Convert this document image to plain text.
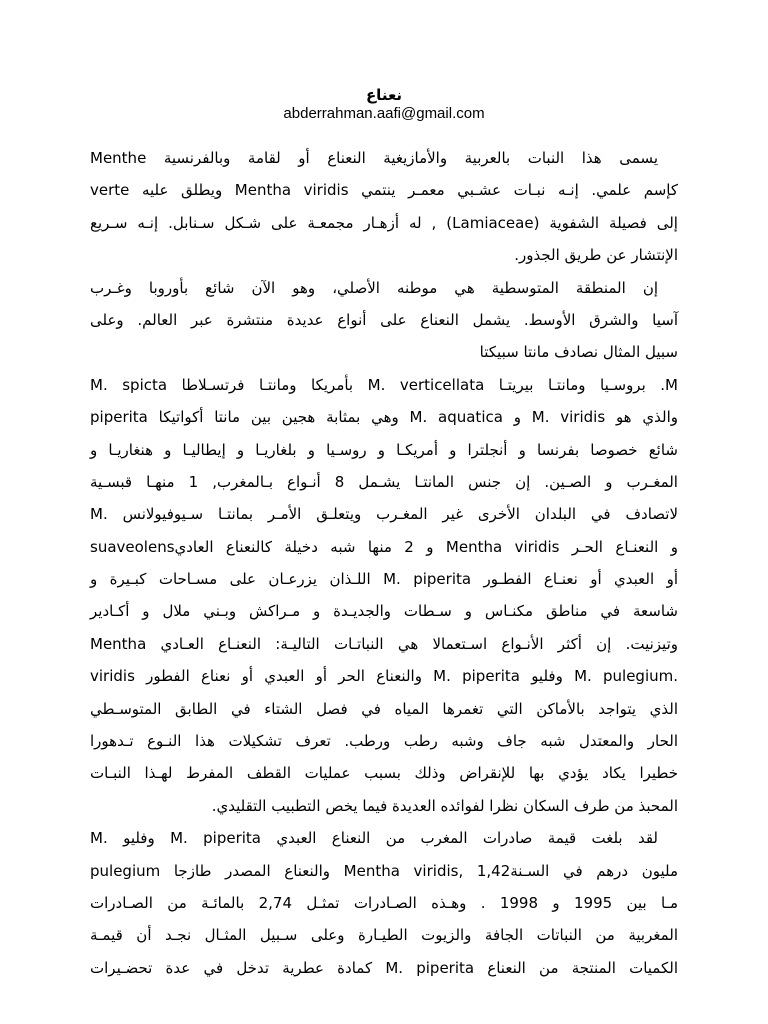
نعناع
abderrahman.aafi@gmail.com
يسمى هذا النبات بالعربية والأمازيغية النعناع أو لقامة وبالفرنسية Menthe
verte ويطلق عليه Mentha viridis كإسم علمي. إنـه نبـات عشـبي معمـر ينتمي
إلى فصيلة الشفوية (Lamiaceae) , له أزهـار مجمعـة على شـكل سـنابل. إنـه سـريع
الإنتشار عن طريق الجذور.
إن المنطقة المتوسطية هي موطنه الأصلي، وهو الآن شائع بأوروبا وغـرب
آسيا والشرق الأوسط. يشمل النعناع على أنواع عديدة منتشرة عبر العالم. وعلى
سبيل المثال نصادف مانتا سبيكتا
M. spicta بأمريكا ومانتـا فرتسـلاطا M. verticellata بروسـيا ومانتـا بيريتـا .M
piperita وهي بمثابة هجين بين مانتا أكواتيكا M. aquatica و M. viridis والذي هو
شائع خصوصا بفرنسا و أنجلترا و أمريكـا و روسـيا و بلغاريـا و إيطاليـا و هنغاريـا و
المغـرب و الصـين. إن جنس المانتـا يشـمل 8 أنـواع بـالمغرب, 1 منهـا قبسـية
لاتصادف في البلدان الأخرى غير المغـرب ويتعلـق الأمـر بمانتـا سـيوفيولانس .M
suaveolensو 2 منها شبه دخيلة كالنعناع العادي Mentha viridis و النعنـاع الحـر
أو العبدي أو نعنـاع الفطـور M. piperita اللـذان يزرعـان على مسـاحات كبـيرة و
شاسعة في مناطق مكنـاس و سـطات والجديـدة و مـراكش وبـني ملال و أكـادير
وتيزنيت. إن أكثر الأنـواع اسـتعمالا هي النباتـات التاليـة: النعنـاع العـادي Mentha
viridis والنعناع الحر أو العبدي أو نعناع الفطور M. piperita وفليو M. pulegium.
الذي يتواجد بالأماكن التي تغمرها المياه في فصل الشتاء في الطابق المتوسـطي
الحار والمعتدل شبه جاف وشبه رطب ورطب. تعرف تشكيلات هذا النـوع تـدهورا
خطيرا يكاد يؤدي بها للإنقراض وذلك بسبب عمليات القطف المفرط لهـذا النبـات
المحبذ من طرف السكان نظرا لفوائده العديدة فيما يخص التطبيب التقليدي.
لقد بلغت قيمة صادرات المغرب من النعناع العبدي M. piperita وفليو .M
pulegium والنعناع المصدر طازجا Mentha viridis, 1,42مليون درهم في السـنة
مـا بين 1995 و 1998 . وهـذه الصـادرات تمثـل 2,74 بالمائـة من الصـادرات
المغربية من النباتات الجافة والزيوت الطيـارة وعلى سـبيل المثـال نجـد أن قيمـة
الكميات المنتجة من النعناع M. piperita كمادة عطرية تدخل في عدة تحضـيرات
